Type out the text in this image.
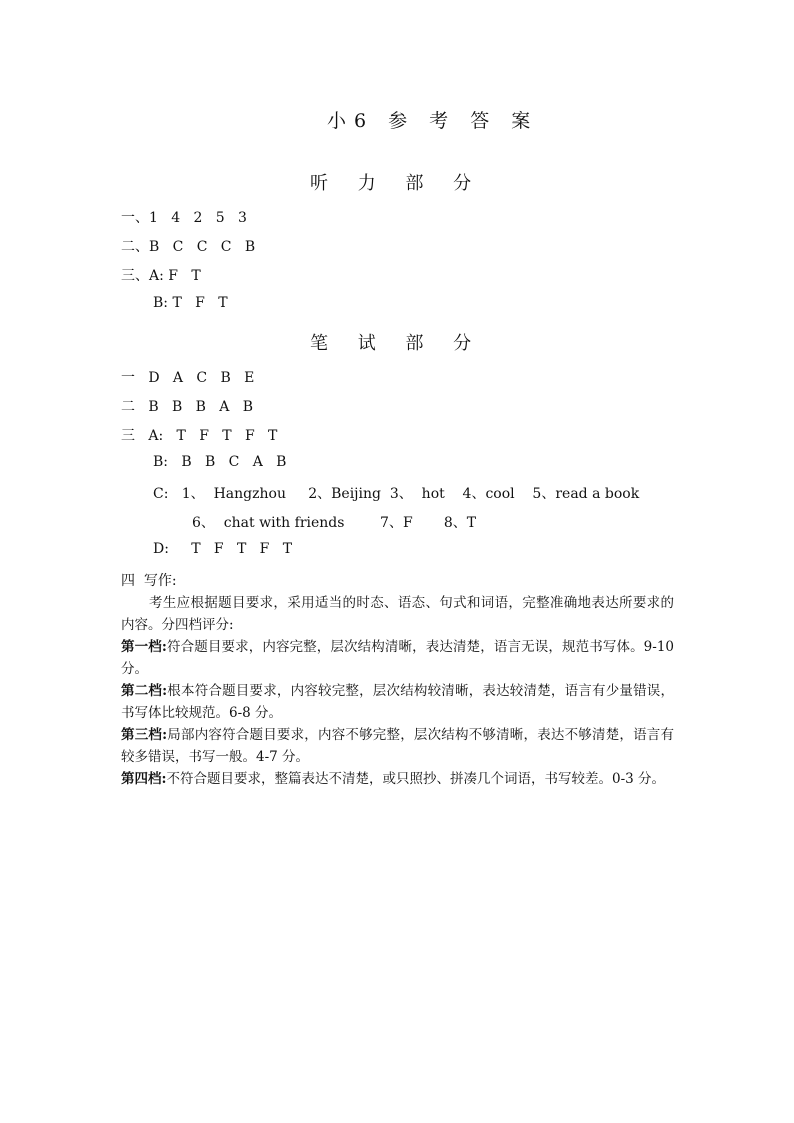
小6 参 考 答 案
听 力 部 分
一、1   4   2   5   3
二、B   C   C   C   B
三、A: F   T
B: T   F   T
笔 试 部 分
一   D   A   C   B   E
二   B   B   B   A   B
三   A:   T   F   T   F   T
B:   B   B   C   A   B
C:   1、  Hangzhou     2、Beijing  3、  hot    4、cool    5、read a book
6、  chat with friends        7、F       8、T
D:     T   F   T   F   T
四  写作:
考生应根据题目要求，采用适当的时态、语态、句式和词语，完整准确地表达所要求的内容。分四档评分:
第一档:符合题目要求，内容完整，层次结构清晰，表达清楚，语言无误，规范书写体。9-10 分。
第二档:根本符合题目要求，内容较完整，层次结构较清晰，表达较清楚，语言有少量错误，书写体比较规范。6-8 分。
第三档:局部内容符合题目要求，内容不够完整，层次结构不够清晰，表达不够清楚，语言有较多错误，书写一般。4-7 分。
第四档:不符合题目要求，整篇表达不清楚，或只照抄、拼凑几个词语，书写较差。0-3 分。
